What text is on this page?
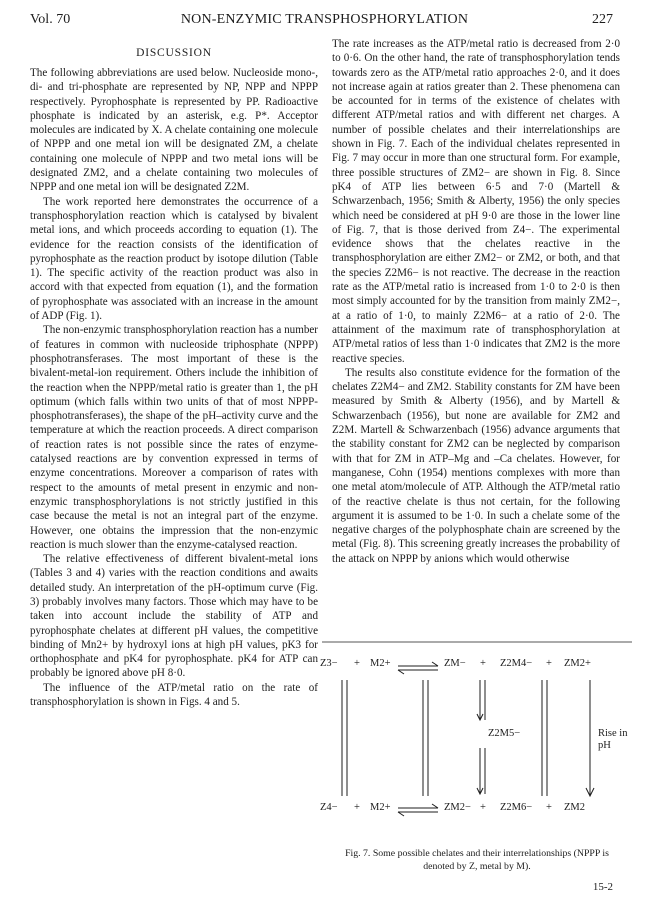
Vol. 70	NON-ENZYMIC TRANSPHOSPHORYLATION	227
DISCUSSION

The following abbreviations are used below. Nucleoside mono-, di- and tri-phosphate are represented by NP, NPP and NPPP respectively. Pyrophosphate is represented by PP. Radioactive phosphate is indicated by an asterisk, e.g. P*. Acceptor molecules are indicated by X. A chelate containing one molecule of NPPP and one metal ion will be designated ZM, a chelate containing one molecule of NPPP and two metal ions will be designated ZM2, and a chelate containing two molecules of NPPP and one metal ion will be designated Z2M.

The work reported here demonstrates the occurrence of a transphosphorylation reaction which is catalysed by bivalent metal ions, and which proceeds according to equation (1). The evidence for the reaction consists of the identification of pyrophosphate as the reaction product by isotope dilution (Table 1). The specific activity of the reaction product was also in accord with that expected from equation (1), and the formation of pyrophosphate was associated with an increase in the amount of ADP (Fig. 1).

The non-enzymic transphosphorylation reaction has a number of features in common with nucleoside triphosphate (NPPP) phosphotransferases. The most important of these is the bivalent-metal-ion requirement. Others include the inhibition of the reaction when the NPPP/metal ratio is greater than 1, the pH optimum (which falls within two units of that of most NPPP-phosphotransferases), the shape of the pH–activity curve and the temperature at which the reaction proceeds. A direct comparison of reaction rates is not possible since the rates of enzyme-catalysed reactions are by convention expressed in terms of enzyme concentrations. Moreover a comparison of rates with respect to the amounts of metal present in enzymic and non-enzymic transphosphorylations is not strictly justified in this case because the metal is not an integral part of the enzyme. However, one obtains the impression that the non-enzymic reaction is much slower than the enzyme-catalysed reaction.

The relative effectiveness of different bivalent-metal ions (Tables 3 and 4) varies with the reaction conditions and awaits detailed study. An interpretation of the pH-optimum curve (Fig. 3) probably involves many factors. Those which may have to be taken into account include the stability of ATP and pyrophosphate chelates at different pH values, the competitive binding of Mn2+ by hydroxyl ions at high pH values, pK3 for orthophosphate and pK4 for pyrophosphate. pK4 for ATP can probably be ignored above pH 8·0.

The influence of the ATP/metal ratio on the rate of transphosphorylation is shown in Figs. 4 and 5.

The rate increases as the ATP/metal ratio is decreased from 2·0 to 0·6. On the other hand, the rate of transphosphorylation tends towards zero as the ATP/metal ratio approaches 2·0, and it does not increase again at ratios greater than 2. These phenomena can be accounted for in terms of the existence of chelates with different ATP/metal ratios and with different net charges. A number of possible chelates and their interrelationships are shown in Fig. 7. Each of the individual chelates represented in Fig. 7 may occur in more than one structural form. For example, three possible structures of ZM2− are shown in Fig. 8. Since pK4 of ATP lies between 6·5 and 7·0 (Martell & Schwarzenbach, 1956; Smith & Alberty, 1956) the only species which need be considered at pH 9·0 are those in the lower line of Fig. 7, that is those derived from Z4−. The experimental evidence shows that the chelates reactive in the transphosphorylation are either ZM2− or ZM2, or both, and that the species Z2M6− is not reactive. The decrease in the reaction rate as the ATP/metal ratio is increased from 1·0 to 2·0 is then most simply accounted for by the transition from mainly ZM2−, at a ratio of 1·0, to mainly Z2M6− at a ratio of 2·0. The attainment of the maximum rate of transphosphorylation at ATP/metal ratios of less than 1·0 indicates that ZM2 is the more reactive species.

The results also constitute evidence for the formation of the chelates Z2M4− and ZM2. Stability constants for ZM have been measured by Smith & Alberty (1956), and by Martell & Schwarzenbach (1956), but none are available for ZM2 and Z2M. Martell & Schwarzenbach (1956) advance arguments that the stability constant for ZM2 can be neglected by comparison with that for ZM in ATP–Mg and –Ca chelates. However, for manganese, Cohn (1954) mentions complexes with more than one metal atom/molecule of ATP. Although the ATP/metal ratio of the reactive chelate is thus not certain, for the following argument it is assumed to be 1·0. In such a chelate some of the negative charges of the polyphosphate chain are screened by the metal (Fig. 8). This screening greatly increases the probability of the attack on NPPP by anions which would otherwise

Z3− + M2+	ZM− + Z2M4− + ZM2+
Z2M5−
Z4− + M2+	ZM2− + Z2M6− + ZM2
Rise in pH
Fig. 7. Some possible chelates and their interrelationships (NPPP is denoted by Z, metal by M).
15-2
